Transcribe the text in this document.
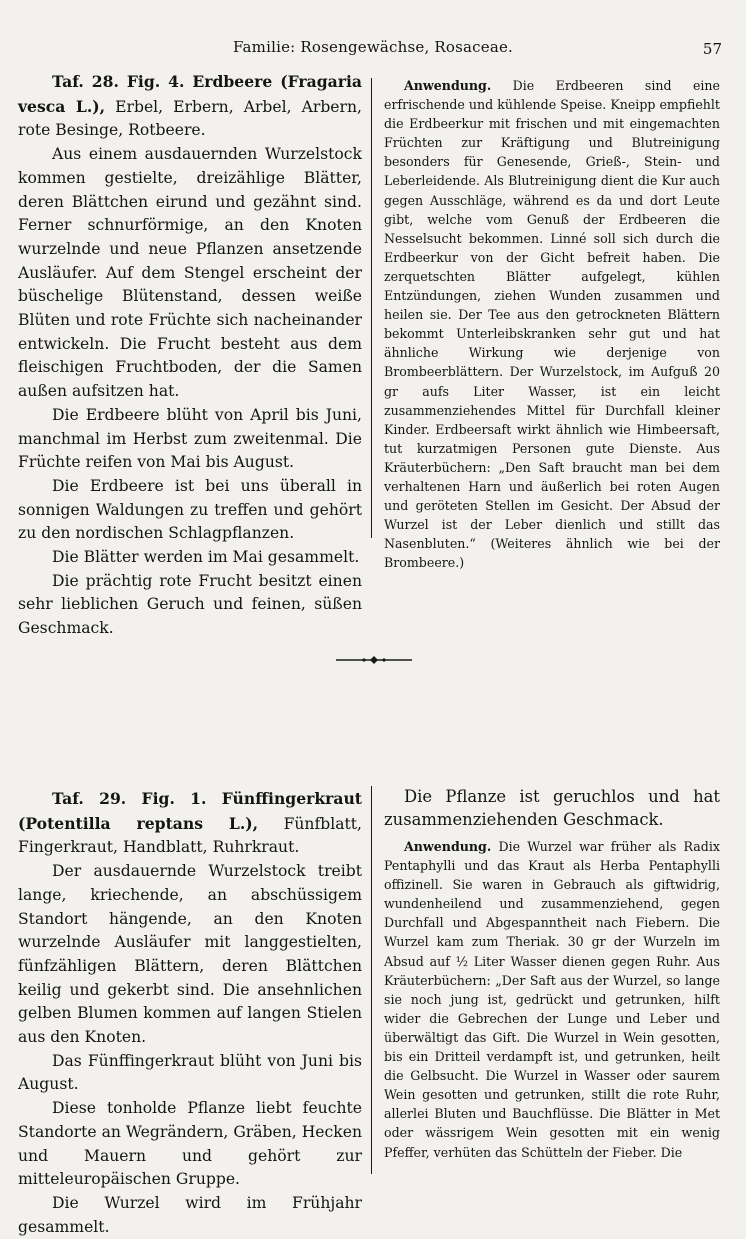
Familie: Rosengewächse, Rosaceae.	57

Taf. 28. Fig. 4. Erdbeere (Fragaria vesca L.), Erbel, Erbern, Arbel, Arbern, rote Besinge, Rotbeere.

Aus einem ausdauernden Wurzelstock kommen gestielte, dreizählige Blätter, deren Blättchen eirund und gezähnt sind. Ferner schnurförmige, an den Knoten wurzelnde und neue Pflanzen ansetzende Ausläufer. Auf dem Stengel erscheint der büschelige Blütenstand, dessen weiße Blüten und rote Früchte sich nacheinander entwickeln. Die Frucht besteht aus dem fleischigen Fruchtboden, der die Samen außen aufsitzen hat.

Die Erdbeere blüht von April bis Juni, manchmal im Herbst zum zweitenmal. Die Früchte reifen von Mai bis August.

Die Erdbeere ist bei uns überall in sonnigen Waldungen zu treffen und gehört zu den nordischen Schlagpflanzen.

Die Blätter werden im Mai gesammelt.

Die prächtig rote Frucht besitzt einen sehr lieblichen Geruch und feinen, süßen Geschmack.

Anwendung. Die Erdbeeren sind eine erfrischende und kühlende Speise. Kneipp empfiehlt die Erdbeerkur mit frischen und mit eingemachten Früchten zur Kräftigung und Blutreinigung besonders für Genesende, Grieß-, Stein- und Leberleidende. Als Blutreinigung dient die Kur auch gegen Ausschläge, während es da und dort Leute gibt, welche vom Genuß der Erdbeeren die Nesselsucht bekommen. Linné soll sich durch die Erdbeerkur von der Gicht befreit haben. Die zerquetschten Blätter aufgelegt, kühlen Entzündungen, ziehen Wunden zusammen und heilen sie. Der Tee aus den getrockneten Blättern bekommt Unterleibskranken sehr gut und hat ähnliche Wirkung wie derjenige von Brombeerblättern. Der Wurzelstock, im Aufguß 20 gr aufs Liter Wasser, ist ein leicht zusammenziehendes Mittel für Durchfall kleiner Kinder. Erdbeersaft wirkt ähnlich wie Himbeersaft, tut kurzatmigen Personen gute Dienste. Aus Kräuterbüchern: „Den Saft braucht man bei dem verhaltenen Harn und äußerlich bei roten Augen und geröteten Stellen im Gesicht. Der Absud der Wurzel ist der Leber dienlich und stillt das Nasenbluten.“ (Weiteres ähnlich wie bei der Brombeere.)

Taf. 29. Fig. 1. Fünffingerkraut (Potentilla reptans L.), Fünfblatt, Fingerkraut, Handblatt, Ruhrkraut.

Der ausdauernde Wurzelstock treibt lange, kriechende, an abschüssigem Standort hängende, an den Knoten wurzelnde Ausläufer mit langgestielten, fünfzähligen Blättern, deren Blättchen keilig und gekerbt sind. Die ansehnlichen gelben Blumen kommen auf langen Stielen aus den Knoten.

Das Fünffingerkraut blüht von Juni bis August.

Diese tonholde Pflanze liebt feuchte Standorte an Wegrändern, Gräben, Hecken und Mauern und gehört zur mitteleuropäischen Gruppe.

Die Wurzel wird im Frühjahr gesammelt.

Die Pflanze ist geruchlos und hat zusammenziehenden Geschmack.

Anwendung. Die Wurzel war früher als Radix Pentaphylli und das Kraut als Herba Pentaphylli offizinell. Sie waren in Gebrauch als giftwidrig, wundenheilend und zusammenziehend, gegen Durchfall und Abgespanntheit nach Fiebern. Die Wurzel kam zum Theriak. 30 gr der Wurzeln im Absud auf ½ Liter Wasser dienen gegen Ruhr. Aus Kräuterbüchern: „Der Saft aus der Wurzel, so lange sie noch jung ist, gedrückt und getrunken, hilft wider die Gebrechen der Lunge und Leber und überwältigt das Gift. Die Wurzel in Wein gesotten, bis ein Dritteil verdampft ist, und getrunken, heilt die Gelbsucht. Die Wurzel in Wasser oder saurem Wein gesotten und getrunken, stillt die rote Ruhr, allerlei Bluten und Bauchflüsse. Die Blätter in Met oder wässrigem Wein gesotten mit ein wenig Pfeffer, verhüten das Schütteln der Fieber. Die
